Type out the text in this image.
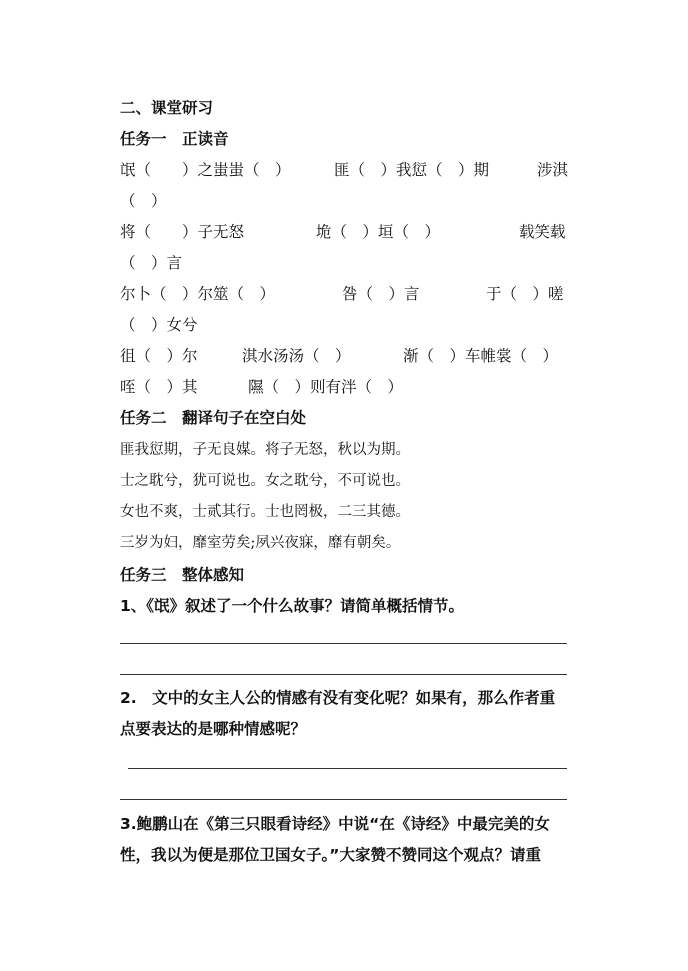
二、课堂研习
任务一　正读音
氓（　　）之蚩蚩（　）	匪（　）我愆（　）期	涉淇
（　）
将（　　）子无怒	垝（　）垣（　）	载笑载
（　）言
尔卜（　）尔筮（　）	咎（　）言	于（　）嗟
（　）女兮
徂（　）尔	淇水汤汤（　）	渐（　）车帷裳（　）
咥（　）其	隰（　）则有泮（　）
任务二　翻译句子在空白处
匪我愆期，子无良媒。将子无怒，秋以为期。
士之耽兮，犹可说也。女之耽兮，不可说也。
女也不爽，士贰其行。士也罔极，二三其德。
三岁为妇，靡室劳矣;夙兴夜寐，靡有朝矣。
任务三　整体感知
1、《氓》叙述了一个什么故事？请简单概括情节。
2.　文中的女主人公的情感有没有变化呢？如果有，那么作者重
点要表达的是哪种情感呢？
3.鲍鹏山在《第三只眼看诗经》中说“在《诗经》中最完美的女
性，我以为便是那位卫国女子。”大家赞不赞同这个观点？请重
